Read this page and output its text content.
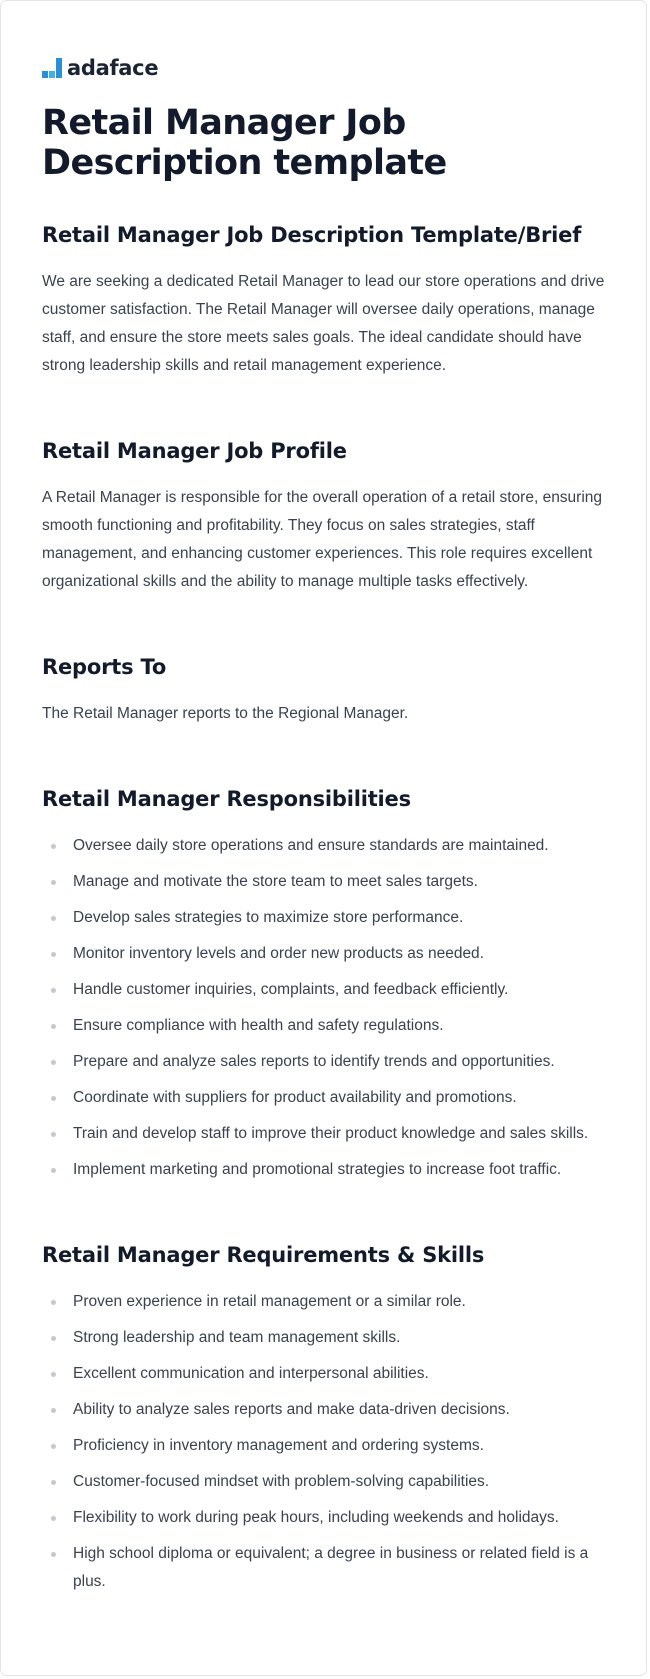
adaface
Retail Manager Job Description template
Retail Manager Job Description Template/Brief

We are seeking a dedicated Retail Manager to lead our store operations and drive customer satisfaction. The Retail Manager will oversee daily operations, manage staff, and ensure the store meets sales goals. The ideal candidate should have strong leadership skills and retail management experience.

Retail Manager Job Profile

A Retail Manager is responsible for the overall operation of a retail store, ensuring smooth functioning and profitability. They focus on sales strategies, staff management, and enhancing customer experiences. This role requires excellent organizational skills and the ability to manage multiple tasks effectively.

Reports To

The Retail Manager reports to the Regional Manager.

Retail Manager Responsibilities
Oversee daily store operations and ensure standards are maintained.
Manage and motivate the store team to meet sales targets.
Develop sales strategies to maximize store performance.
Monitor inventory levels and order new products as needed.
Handle customer inquiries, complaints, and feedback efficiently.
Ensure compliance with health and safety regulations.
Prepare and analyze sales reports to identify trends and opportunities.
Coordinate with suppliers for product availability and promotions.
Train and develop staff to improve their product knowledge and sales skills.
Implement marketing and promotional strategies to increase foot traffic.
Retail Manager Requirements & Skills
Proven experience in retail management or a similar role.
Strong leadership and team management skills.
Excellent communication and interpersonal abilities.
Ability to analyze sales reports and make data-driven decisions.
Proficiency in inventory management and ordering systems.
Customer-focused mindset with problem-solving capabilities.
Flexibility to work during peak hours, including weekends and holidays.
High school diploma or equivalent; a degree in business or related field is a plus.
